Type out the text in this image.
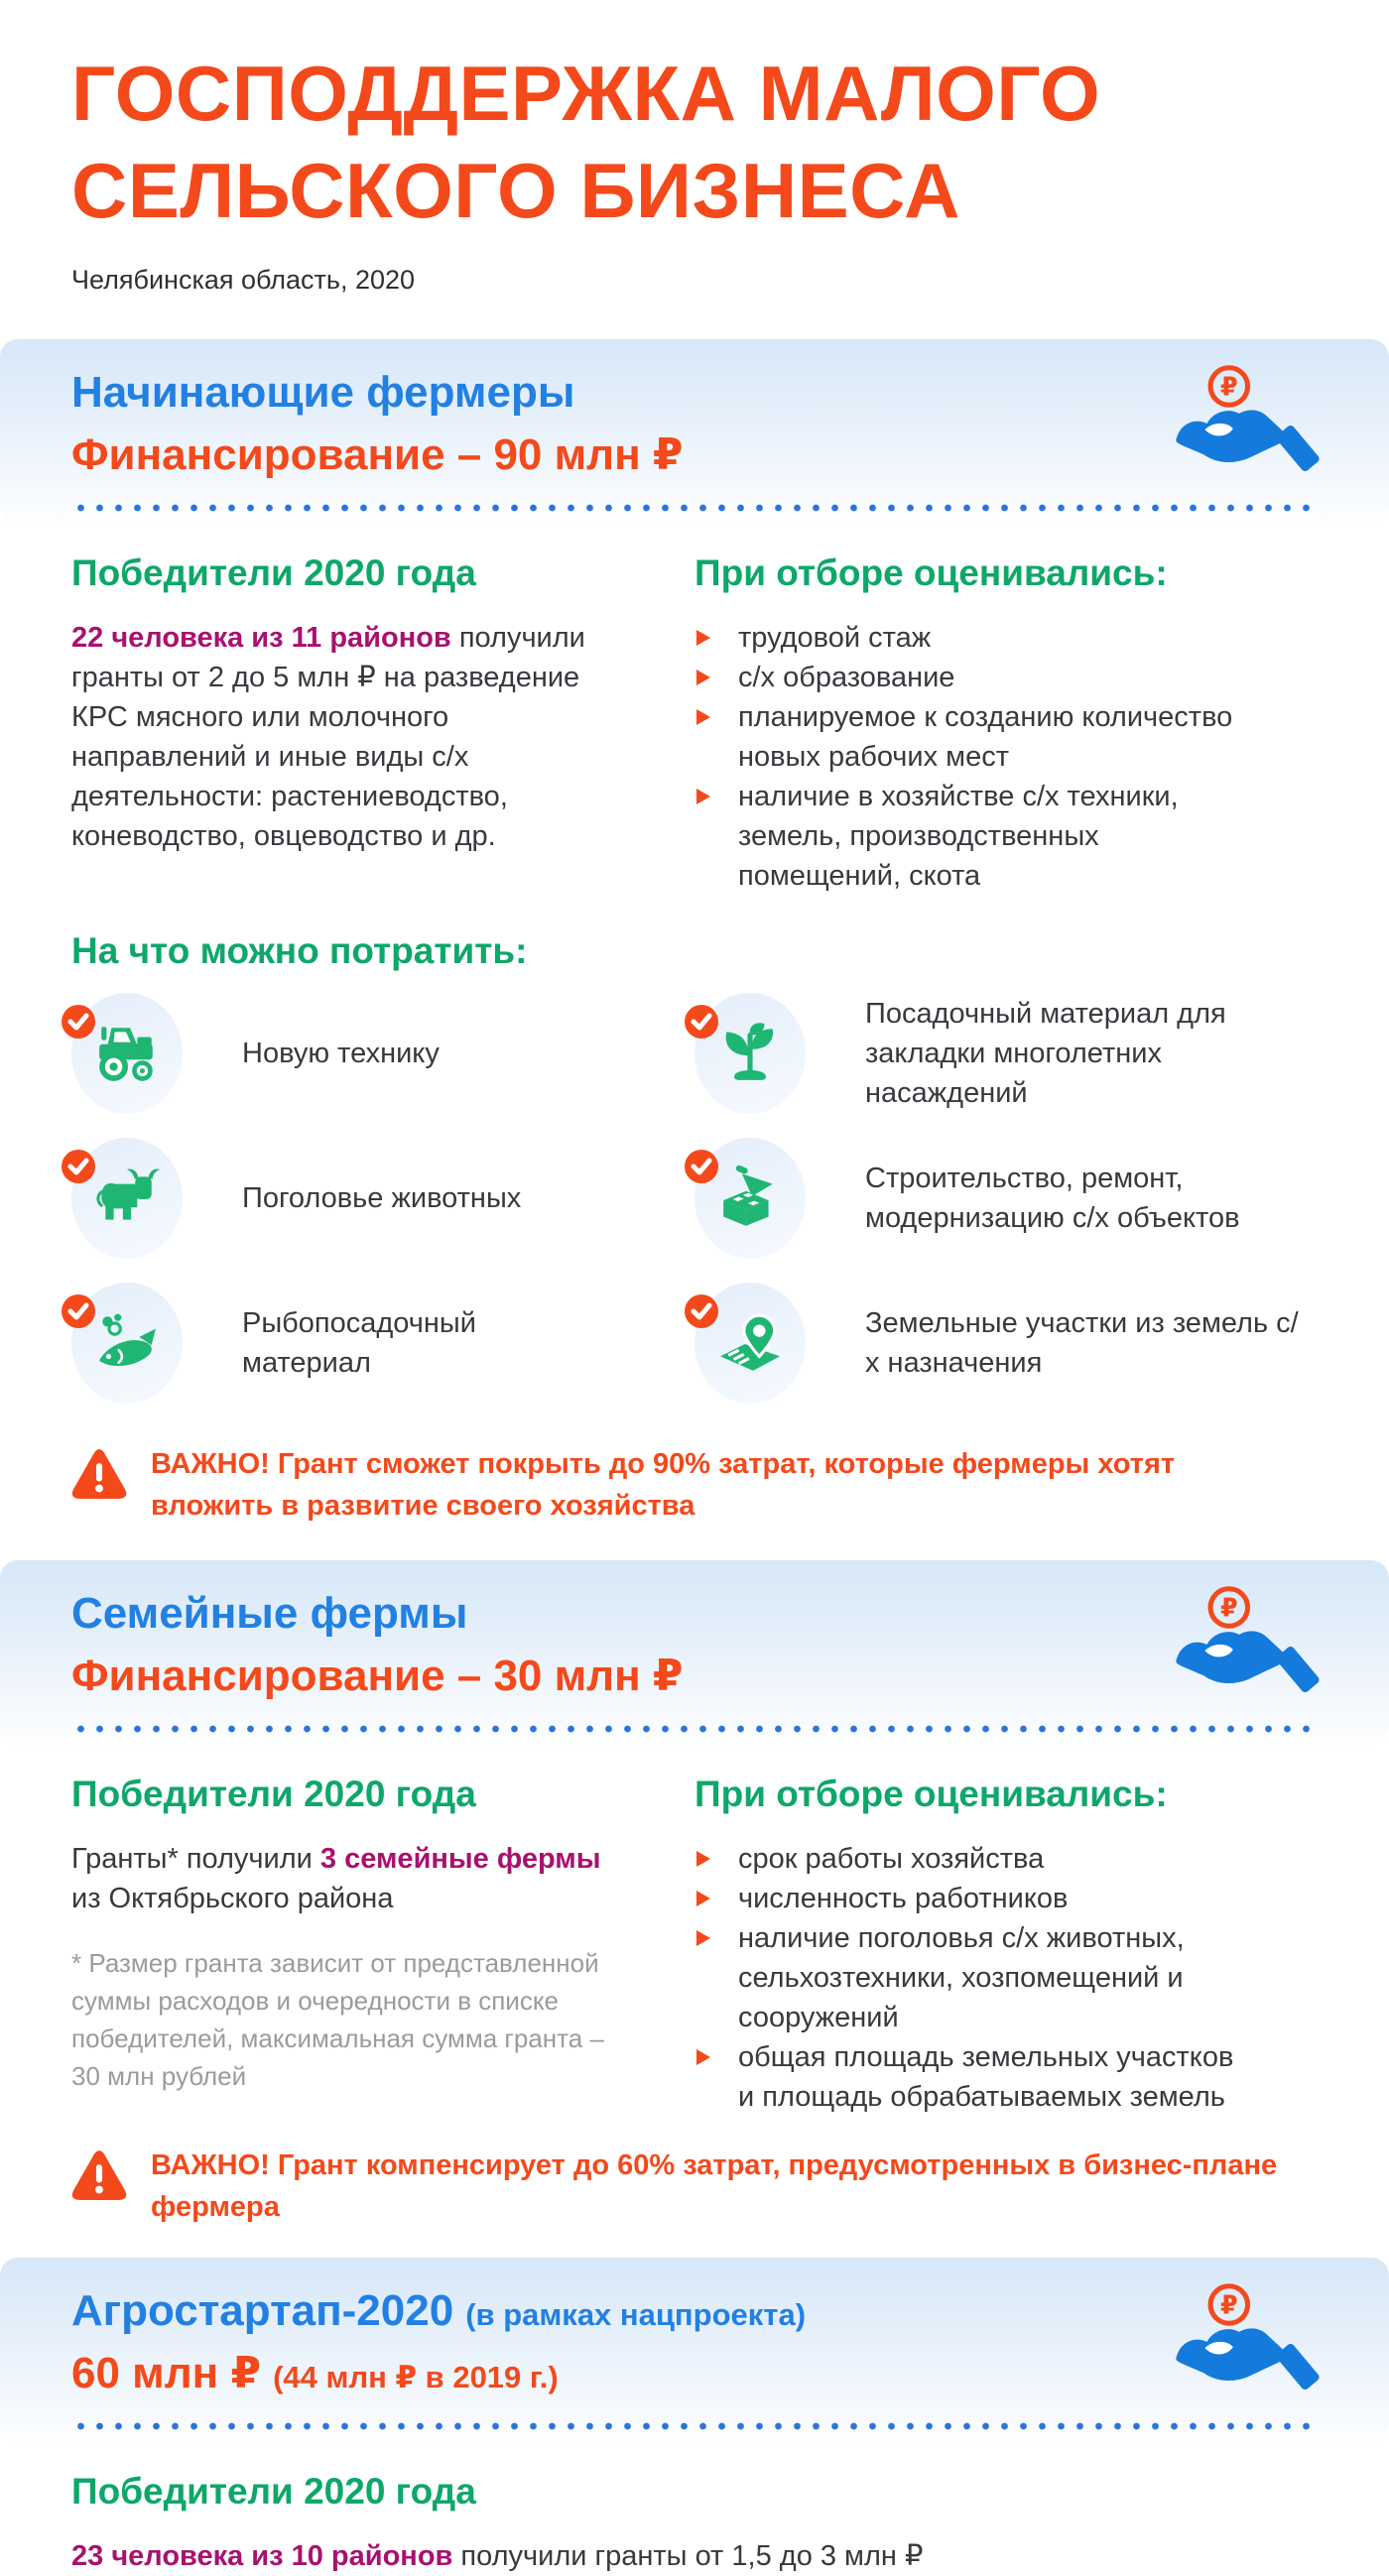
ГОСПОДДЕРЖКА МАЛОГО
СЕЛЬСКОГО БИЗНЕСА
Челябинская область, 2020
Начинающие фермеры
Финансирование – 90 млн ₽
₽
Победители 2020 года
22 человека из 11 районов получили гранты от 2 до 5 млн ₽ на разведение КРС мясного или молочного направлений и иные виды с/х деятельности: растениеводство, коневодство, овцеводство и др.
При отборе оценивались:
трудовой стаж
с/х образование
планируемое к созданию количество новых рабочих мест
наличие в хозяйстве с/х техники, земель, производственных помещений, скота
На что можно потратить:
Новую технику
Посадочный материал для закладки многолетних насаждений
Поголовье животных
Строительство, ремонт, модернизацию с/х объектов
Рыбопосадочный материал
Земельные участки из земель с/х назначения
ВАЖНО! Грант сможет покрыть до 90% затрат, которые фермеры хотят вложить в развитие своего хозяйства
Семейные фермы
Финансирование – 30 млн ₽
₽
Победители 2020 года
Гранты* получили 3 семейные фермы из Октябрьского района
* Размер гранта зависит от представленной суммы расходов и очередности в списке победителей, максимальная сумма гранта – 30 млн рублей
При отборе оценивались:
срок работы хозяйства
численность работников
наличие поголовья с/х животных, сельхозтехники, хозпомещений и сооружений
общая площадь земельных участков и площадь обрабатываемых земель
ВАЖНО! Грант компенсирует до 60% затрат, предусмотренных в бизнес-плане фермера
Агростартап-2020 (в рамках нацпроекта)
60 млн ₽ (44 млн ₽ в 2019 г.)
₽
Победители 2020 года
23 человека из 10 районов получили гранты от 1,5 до 3 млн ₽
